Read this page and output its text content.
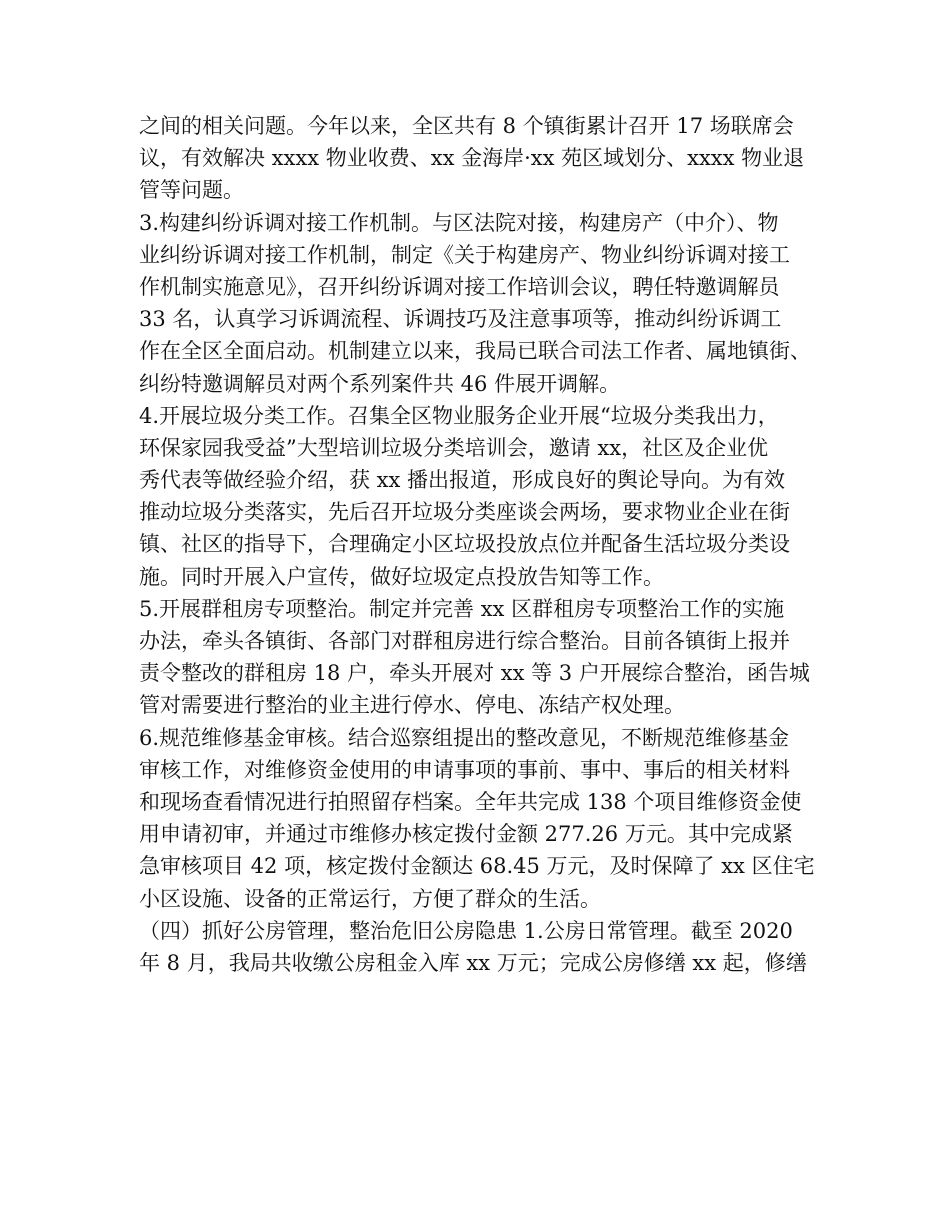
之间的相关问题。今年以来，全区共有 8 个镇街累计召开 17 场联席会
议，有效解决 xxxx 物业收费、xx 金海岸·xx 苑区域划分、xxxx 物业退
管等问题。
3.构建纠纷诉调对接工作机制。与区法院对接，构建房产（中介）、物
业纠纷诉调对接工作机制，制定《关于构建房产、物业纠纷诉调对接工
作机制实施意见》，召开纠纷诉调对接工作培训会议，聘任特邀调解员
33 名，认真学习诉调流程、诉调技巧及注意事项等，推动纠纷诉调工
作在全区全面启动。机制建立以来，我局已联合司法工作者、属地镇街、
纠纷特邀调解员对两个系列案件共 46 件展开调解。
4.开展垃圾分类工作。召集全区物业服务企业开展“垃圾分类我出力，
环保家园我受益”大型培训垃圾分类培训会，邀请 xx，社区及企业优
秀代表等做经验介绍，获 xx 播出报道，形成良好的舆论导向。为有效
推动垃圾分类落实，先后召开垃圾分类座谈会两场，要求物业企业在街
镇、社区的指导下，合理确定小区垃圾投放点位并配备生活垃圾分类设
施。同时开展入户宣传，做好垃圾定点投放告知等工作。
5.开展群租房专项整治。制定并完善 xx 区群租房专项整治工作的实施
办法，牵头各镇街、各部门对群租房进行综合整治。目前各镇街上报并
责令整改的群租房 18 户，牵头开展对 xx 等 3 户开展综合整治，函告城
管对需要进行整治的业主进行停水、停电、冻结产权处理。
6.规范维修基金审核。结合巡察组提出的整改意见，不断规范维修基金
审核工作，对维修资金使用的申请事项的事前、事中、事后的相关材料
和现场查看情况进行拍照留存档案。全年共完成 138 个项目维修资金使
用申请初审，并通过市维修办核定拨付金额 277.26 万元。其中完成紧
急审核项目 42 项，核定拨付金额达 68.45 万元，及时保障了 xx 区住宅
小区设施、设备的正常运行，方便了群众的生活。
（四）抓好公房管理，整治危旧公房隐患 1.公房日常管理。截至 2020
年 8 月，我局共收缴公房租金入库 xx 万元；完成公房修缮 xx 起，修缮
